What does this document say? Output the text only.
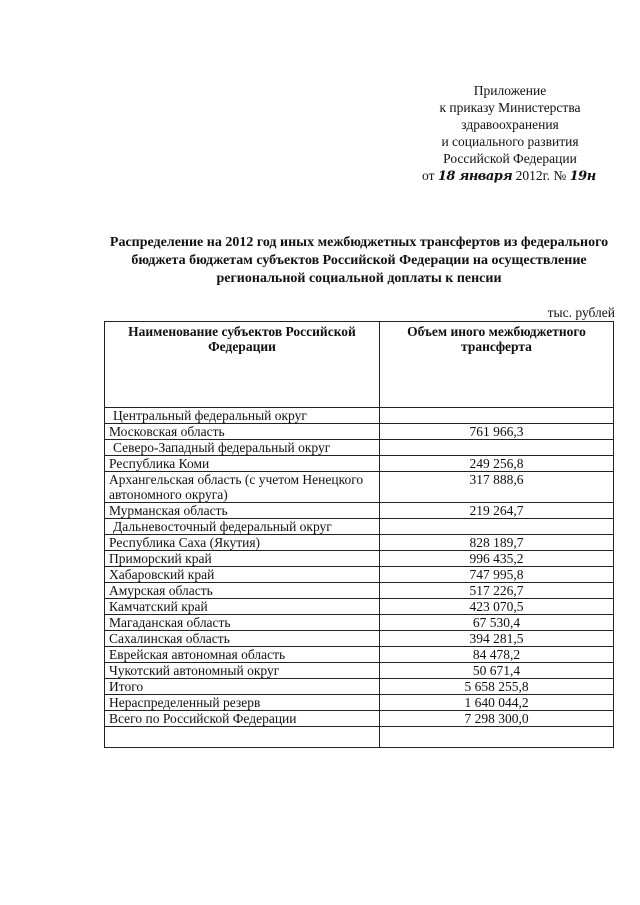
Приложение
к приказу Министерства
здравоохранения
и социального развития
Российской Федерации
от 18 января 2012г. № 19н
Распределение на 2012 год иных межбюджетных трансфертов из федерального бюджета бюджетам субъектов Российской Федерации на осуществление региональной социальной доплаты к пенсии
тыс. рублей
Наименование субъектов Российской Федерации	Объем иного межбюджетного трансферта
Центральный федеральный округ	
Московская область	761 966,3
Северо-Западный федеральный округ	
Республика Коми	249 256,8
Архангельская область (с учетом Ненецкого автономного округа)	317 888,6
Мурманская область	219 264,7
Дальневосточный федеральный округ	
Республика Саха (Якутия)	828 189,7
Приморский край	996 435,2
Хабаровский край	747 995,8
Амурская область	517 226,7
Камчатский край	423 070,5
Магаданская область	67 530,4
Сахалинская область	394 281,5
Еврейская автономная область	84 478,2
Чукотский автономный округ	50 671,4
Итого	5 658 255,8
Нераспределенный резерв	1 640 044,2
Всего по Российской Федерации	7 298 300,0
